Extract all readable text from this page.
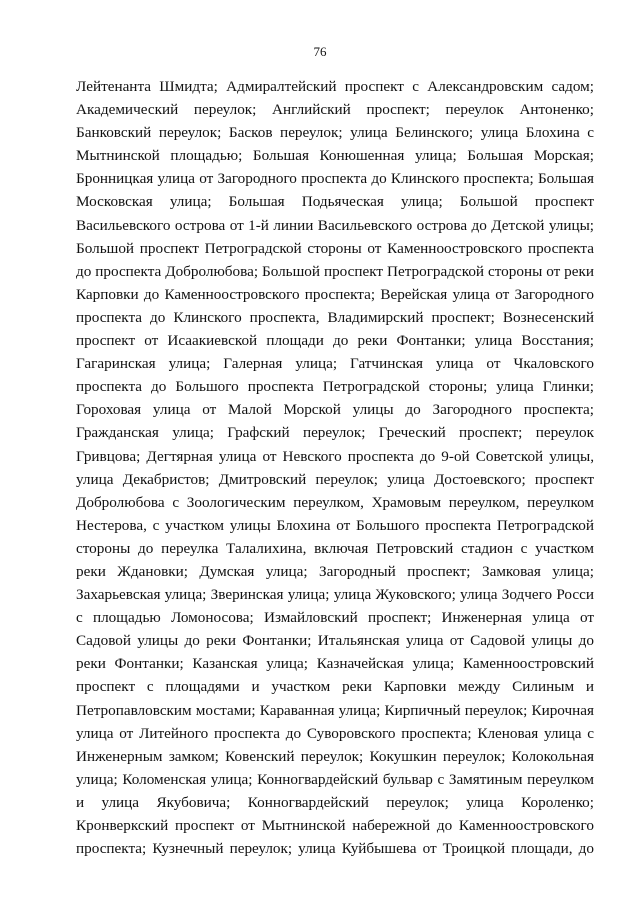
76
Лейтенанта Шмидта; Адмиралтейский проспект с Александровским садом;
Академический переулок; Английский проспект; переулок Антоненко;
Банковский переулок; Басков переулок; улица Белинского; улица Блохина с
Мытнинской площадью; Большая Конюшенная улица; Большая Морская;
Бронницкая улица от Загородного проспекта до Клинского проспекта; Большая
Московская улица; Большая Подьяческая улица; Большой проспект
Васильевского острова от 1-й линии Васильевского острова до Детской улицы;
Большой проспект Петроградской стороны от Каменноостровского проспекта
до проспекта Добролюбова; Большой проспект Петроградской стороны от реки
Карповки до Каменноостровского проспекта; Верейская улица от Загородного
проспекта до Клинского проспекта, Владимирский проспект; Вознесенский
проспект от Исаакиевской площади до реки Фонтанки; улица Восстания;
Гагаринская улица; Галерная улица; Гатчинская улица от Чкаловского
проспекта до Большого проспекта Петроградской стороны; улица Глинки;
Гороховая улица от Малой Морской улицы до Загородного проспекта;
Гражданская улица; Графский переулок; Греческий проспект; переулок
Гривцова; Дегтярная улица от Невского проспекта до 9-ой Советской улицы,
улица Декабристов; Дмитровский переулок; улица Достоевского; проспект
Добролюбова с Зоологическим переулком, Храмовым переулком, переулком
Нестерова, с участком улицы Блохина от Большого проспекта Петроградской
стороны до переулка Талалихина, включая Петровский стадион с участком
реки Ждановки; Думская улица; Загородный проспект; Замковая улица;
Захарьевская улица; Зверинская улица; улица Жуковского; улица Зодчего Росси
с площадью Ломоносова; Измайловский проспект; Инженерная улица от
Садовой улицы до реки Фонтанки; Итальянская улица от Садовой улицы до
реки Фонтанки; Казанская улица; Казначейская улица; Каменноостровский
проспект с площадями и участком реки Карповки между Силиным и
Петропавловским мостами; Караванная улица; Кирпичный переулок; Кирочная
улица от Литейного проспекта до Суворовского проспекта; Кленовая улица с
Инженерным замком; Ковенский переулок; Кокушкин переулок; Колокольная
улица; Коломенская улица; Конногвардейский бульвар с Замятиным переулком
и улица Якубовича; Конногвардейский переулок; улица Короленко;
Кронверкский проспект от Мытнинской набережной до Каменноостровского
проспекта; Кузнечный переулок; улица Куйбышева от Троицкой площади, до
